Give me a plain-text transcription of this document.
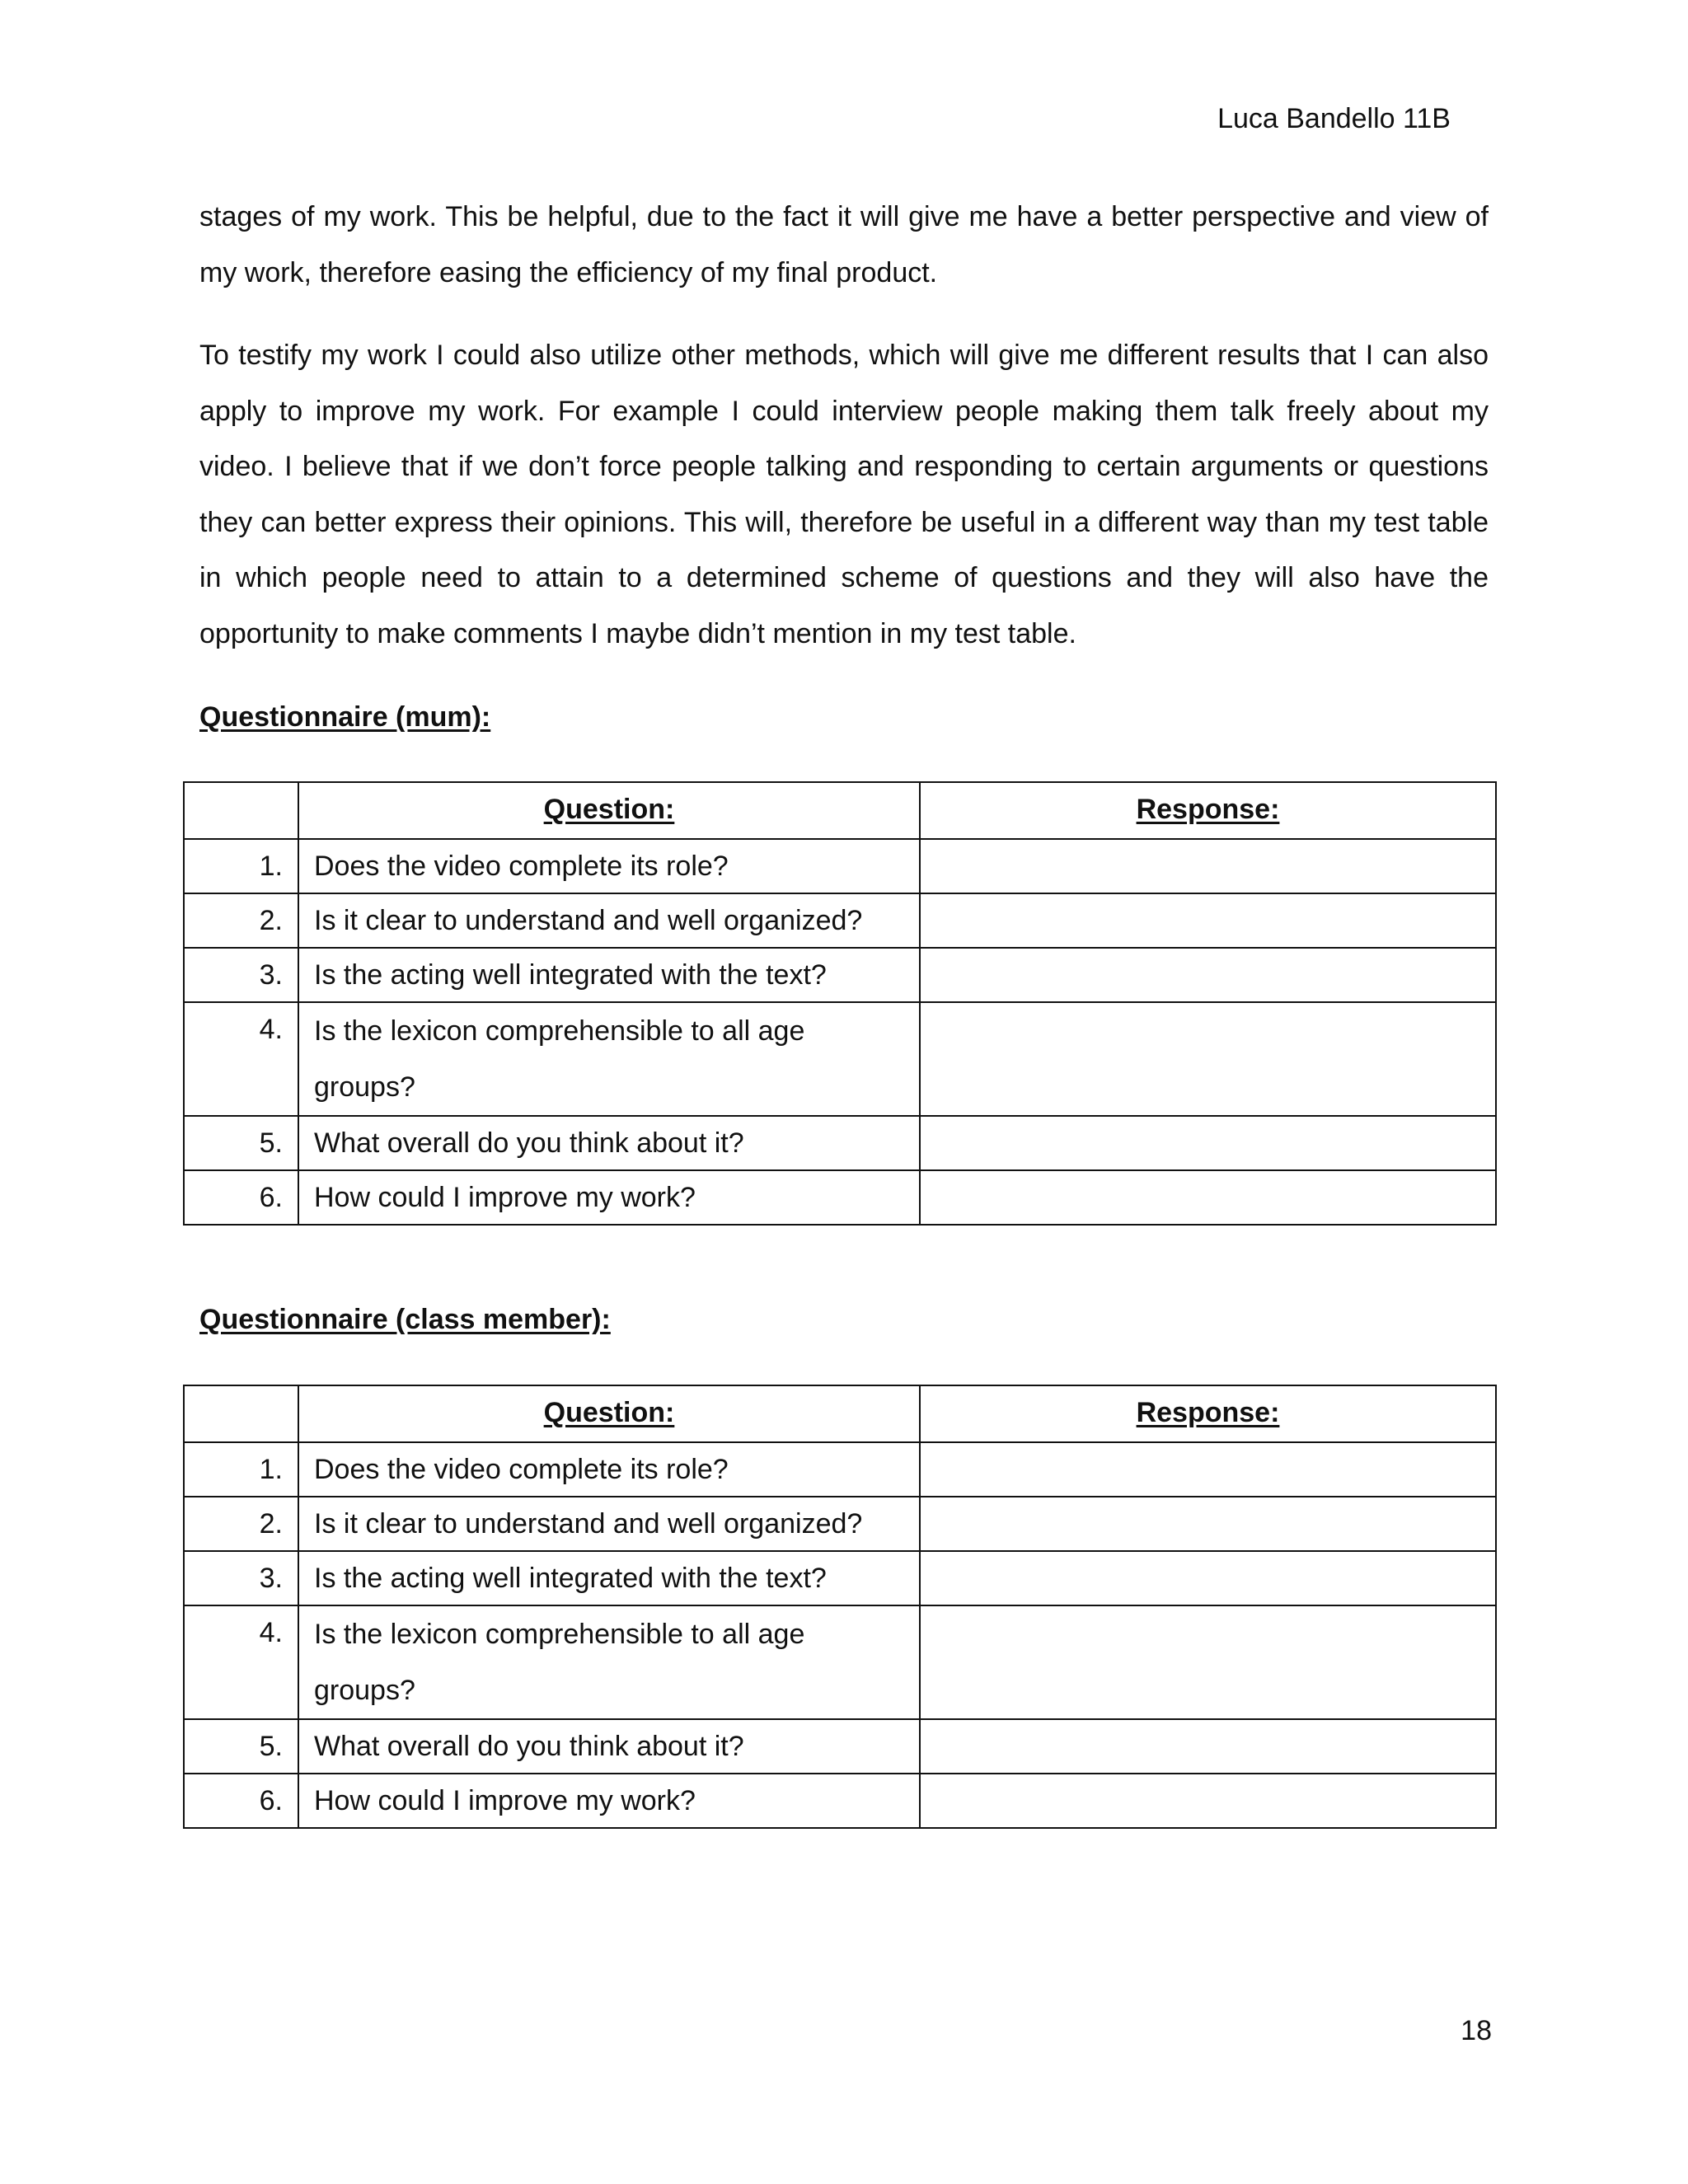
Luca Bandello 11B

stages of my work. This be helpful, due to the fact it will give me have a better perspective and view of my work, therefore easing the efficiency of my final product.

To testify my work I could also utilize other methods, which will give me different results that I can also apply to improve my work. For example I could interview people making them talk freely about my video. I believe that if we don’t force people talking and responding to certain arguments or questions they can better express their opinions. This will, therefore be useful in a different way than my test table in which people need to attain to a determined scheme of questions and they will also have the opportunity to make comments I maybe didn’t mention in my test table.

Questionnaire (mum):
	Question:	Response:
1.	Does the video complete its role?	
2.	Is it clear to understand and well organized?	
3.	Is the acting well integrated with the text?	
4.	Is the lexicon comprehensible to all age groups?	
5.	What overall do you think about it?	
6.	How could I improve my work?	
Questionnaire (class member):
	Question:	Response:
1.	Does the video complete its role?	
2.	Is it clear to understand and well organized?	
3.	Is the acting well integrated with the text?	
4.	Is the lexicon comprehensible to all age groups?	
5.	What overall do you think about it?	
6.	How could I improve my work?	
18
